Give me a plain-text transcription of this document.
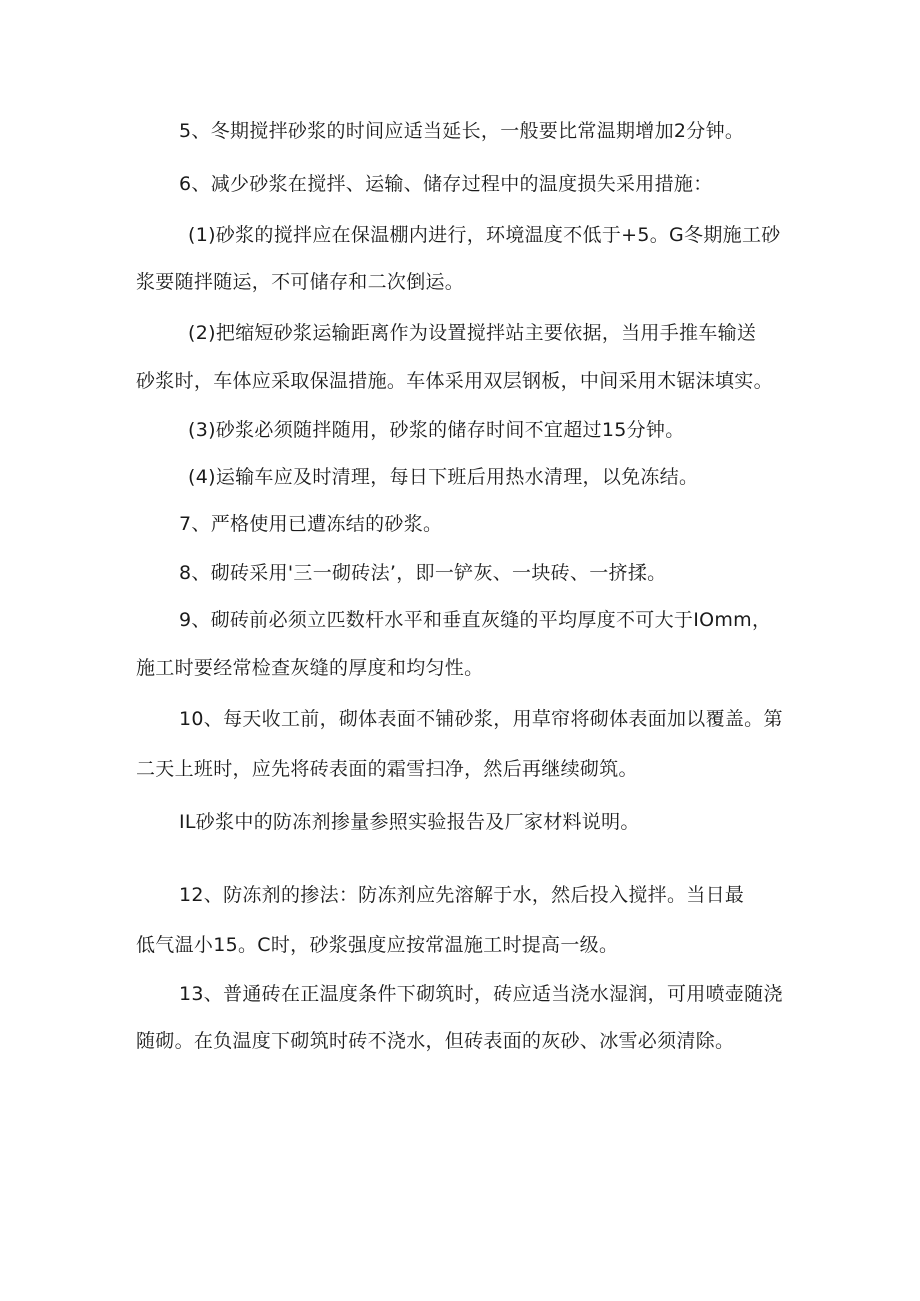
5、冬期搅拌砂浆的时间应适当延长，一般要比常温期增加2分钟。
6、减少砂浆在搅拌、运输、储存过程中的温度损失采用措施：
(1)砂浆的搅拌应在保温棚内进行，环境温度不低于+5。G冬期施工砂
浆要随拌随运，不可储存和二次倒运。
(2)把缩短砂浆运输距离作为设置搅拌站主要依据，当用手推车输送
砂浆时，车体应采取保温措施。车体采用双层钢板，中间采用木锯沫填实。
(3)砂浆必须随拌随用，砂浆的储存时间不宜超过15分钟。
(4)运输车应及时清理，每日下班后用热水清理，以免冻结。
7、严格使用已遭冻结的砂浆。
8、砌砖采用'三一砌砖法’，即一铲灰、一块砖、一挤揉。
9、砌砖前必须立匹数杆水平和垂直灰缝的平均厚度不可大于IOmm，
施工时要经常检查灰缝的厚度和均匀性。
10、每天收工前，砌体表面不铺砂浆，用草帘将砌体表面加以覆盖。第
二天上班时，应先将砖表面的霜雪扫净，然后再继续砌筑。
IL砂浆中的防冻剂掺量参照实验报告及厂家材料说明。
12、防冻剂的掺法：防冻剂应先溶解于水，然后投入搅拌。当日最
低气温小15。C时，砂浆强度应按常温施工时提高一级。
13、普通砖在正温度条件下砌筑时，砖应适当浇水湿润，可用喷壶随浇
随砌。在负温度下砌筑时砖不浇水，但砖表面的灰砂、冰雪必须清除。
